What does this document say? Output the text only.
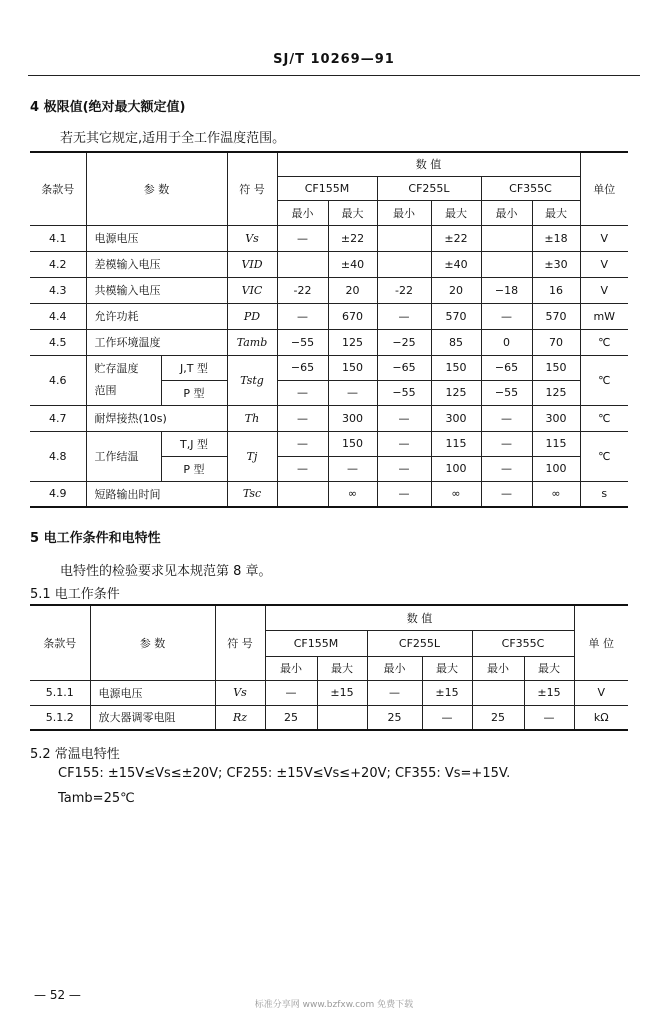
SJ/T 10269—91
4 极限值(绝对最大额定值)
若无其它规定,适用于全工作温度范围。
条款号	参 数		符 号	数 值						单位
				CF155M		CF255L		CF355C		
				最小	最大	最小	最大	最小	最大	
4.1	电源电压		Vs	—	±22		±22		±18	V
4.2	差模输入电压		VID		±40		±40		±30	V
4.3	共模输入电压		VIC	-22	20	-22	20	−18	16	V
4.4	允许功耗		PD	—	670	—	570	—	570	mW
4.5	工作环境温度		Tamb	−55	125	−25	85	0	70	℃
4.6	贮存温度
范围	J,T 型	Tstg	−65	150	−65	150	−65	150	℃
		P 型		—	—	−55	125	−55	125	
4.7	耐焊接热(10s)		Th	—	300	—	300	—	300	℃
4.8	工作结温	T,J 型	Tj	—	150	—	115	—	115	℃
		P 型		—	—	—	100	—	100	
4.9	短路输出时间		Tsc		∞	—	∞	—	∞	s
5 电工作条件和电特性
电特性的检验要求见本规范第 8 章。
5.1 电工作条件
条款号	参 数	符 号	数 值						单 位
			CF155M		CF255L		CF355C		
			最小	最大	最小	最大	最小	最大	
5.1.1	电源电压	Vs	—	±15	—	±15		±15	V
5.1.2	放大器调零电阻	Rz	25		25	—	25	—	kΩ
5.2 常温电特性
CF155: ±15V≤Vs≤±20V; CF255: ±15V≤Vs≤+20V; CF355: Vs=+15V.
Tamb=25℃
— 52 —
标准分享网 www.bzfxw.com 免费下载
